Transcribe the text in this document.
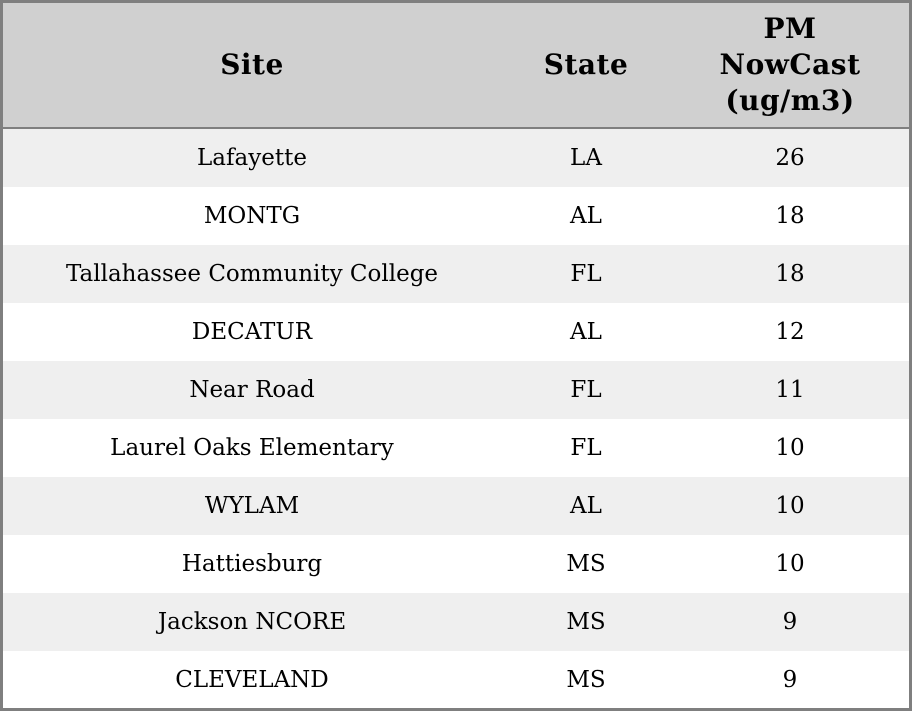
Site	State	PM NowCast (ug/m3)
Lafayette	LA	26
MONTG	AL	18
Tallahassee Community College	FL	18
DECATUR	AL	12
Near Road	FL	11
Laurel Oaks Elementary	FL	10
WYLAM	AL	10
Hattiesburg	MS	10
Jackson NCORE	MS	9
CLEVELAND	MS	9
